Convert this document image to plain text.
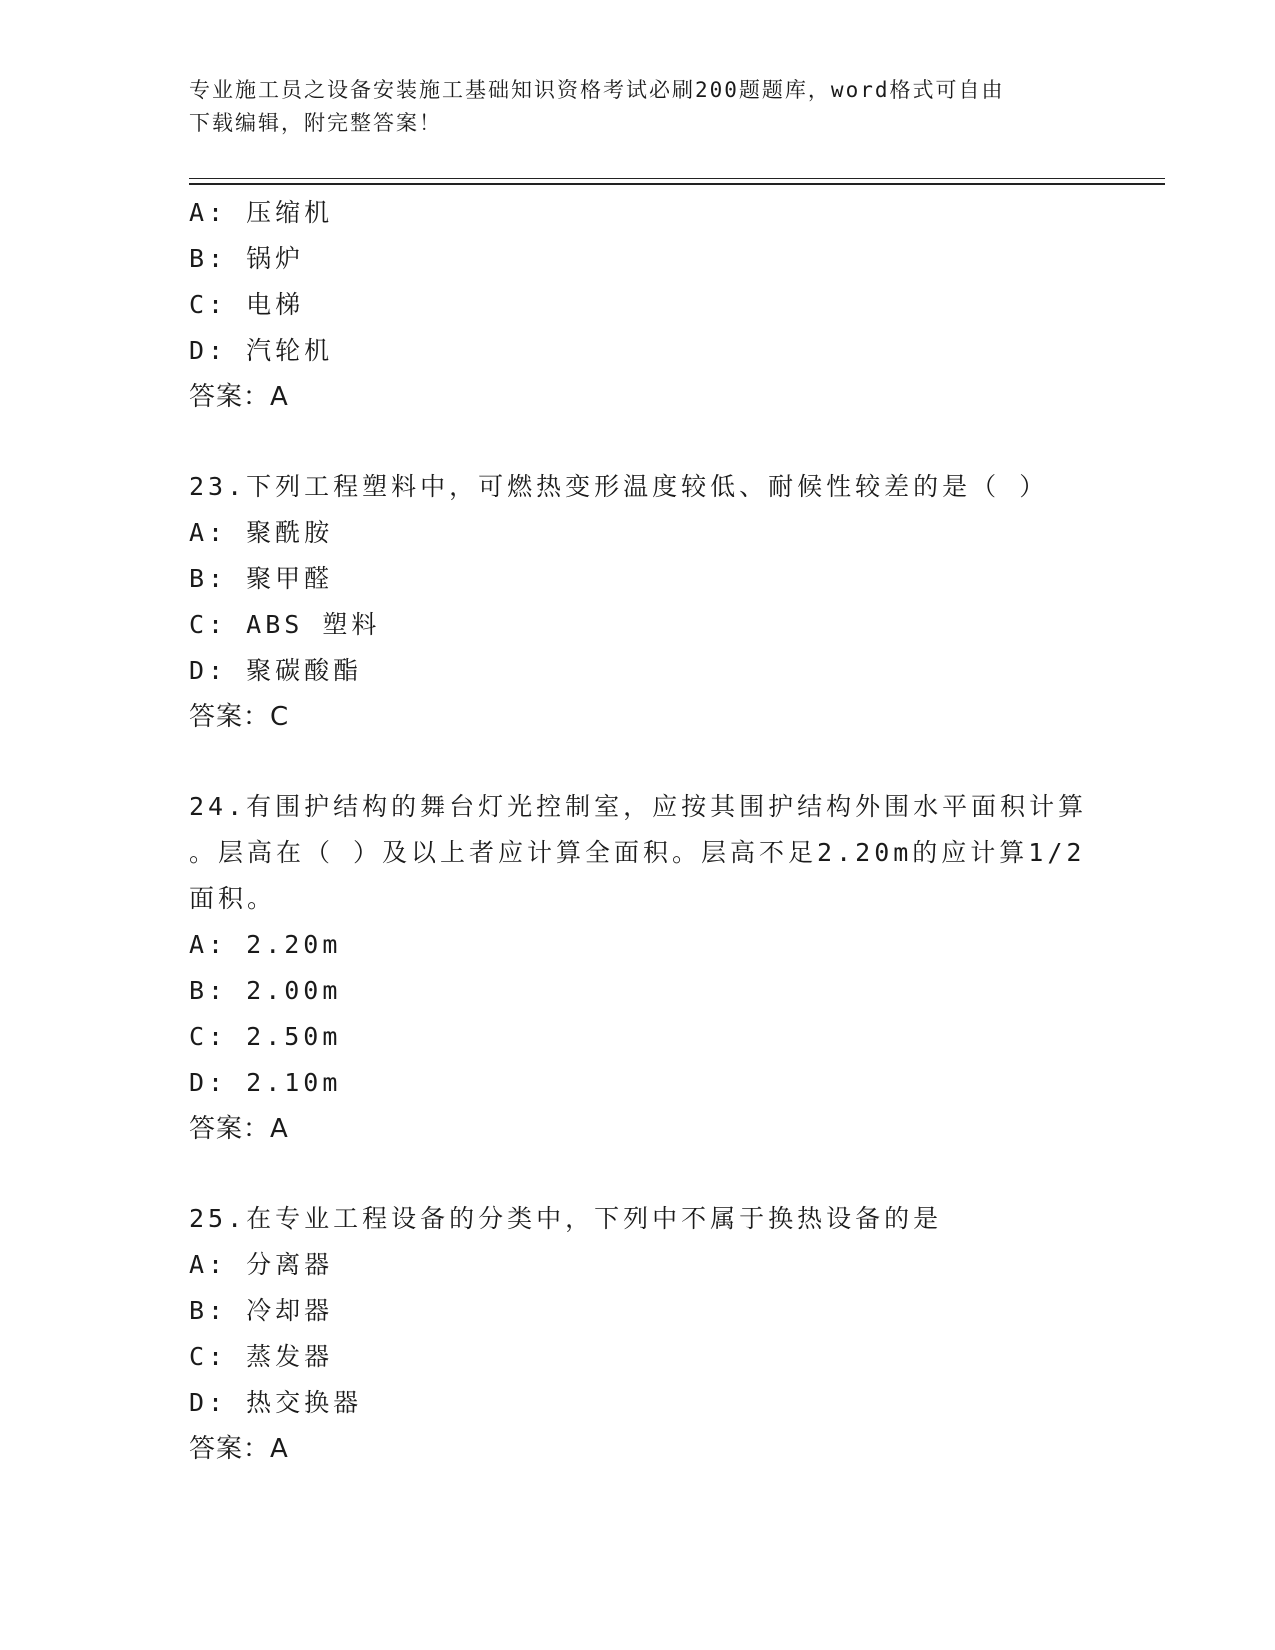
专业施工员之设备安装施工基础知识资格考试必刷200题题库，word格式可自由
下载编辑，附完整答案！
A: 压缩机
B: 锅炉
C: 电梯
D: 汽轮机
答案：A
23.下列工程塑料中，可燃热变形温度较低、耐候性较差的是（ ）
A: 聚酰胺
B: 聚甲醛
C: ABS 塑料
D: 聚碳酸酯
答案：C
24.有围护结构的舞台灯光控制室，应按其围护结构外围水平面积计算
。层高在（ ）及以上者应计算全面积。层高不足2.20m的应计算1/2
面积。
A: 2.20m
B: 2.00m
C: 2.50m
D: 2.10m
答案：A
25.在专业工程设备的分类中，下列中不属于换热设备的是
A: 分离器
B: 冷却器
C: 蒸发器
D: 热交换器
答案：A
